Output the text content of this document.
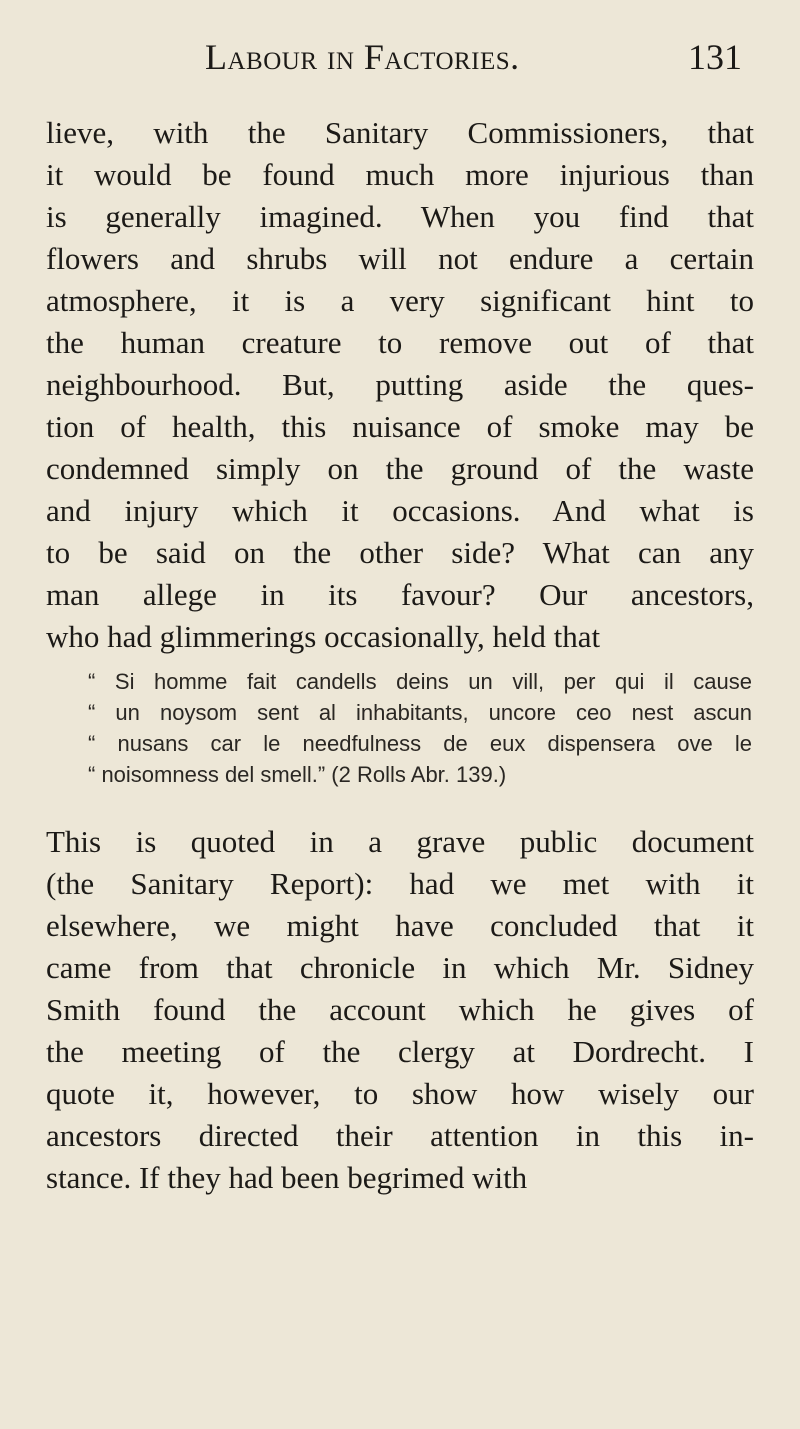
Labour in Factories.	131
lieve, with the Sanitary Commissioners, that
it would be found much more injurious than
is generally imagined. When you find that
flowers and shrubs will not endure a certain
atmosphere, it is a very significant hint to
the human creature to remove out of that
neighbourhood. But, putting aside the ques-
tion of health, this nuisance of smoke may be
condemned simply on the ground of the waste
and injury which it occasions. And what is
to be said on the other side? What can any
man allege in its favour? Our ancestors,
who had glimmerings occasionally, held that
“ Si homme fait candells deins un vill, per qui il cause
“ un noysom sent al inhabitants, uncore ceo nest ascun
“ nusans car le needfulness de eux dispensera ove le
“ noisomness del smell.” (2 Rolls Abr. 139.)
This is quoted in a grave public document
(the Sanitary Report): had we met with it
elsewhere, we might have concluded that it
came from that chronicle in which Mr. Sidney
Smith found the account which he gives of
the meeting of the clergy at Dordrecht. I
quote it, however, to show how wisely our
ancestors directed their attention in this in-
stance. If they had been begrimed with
